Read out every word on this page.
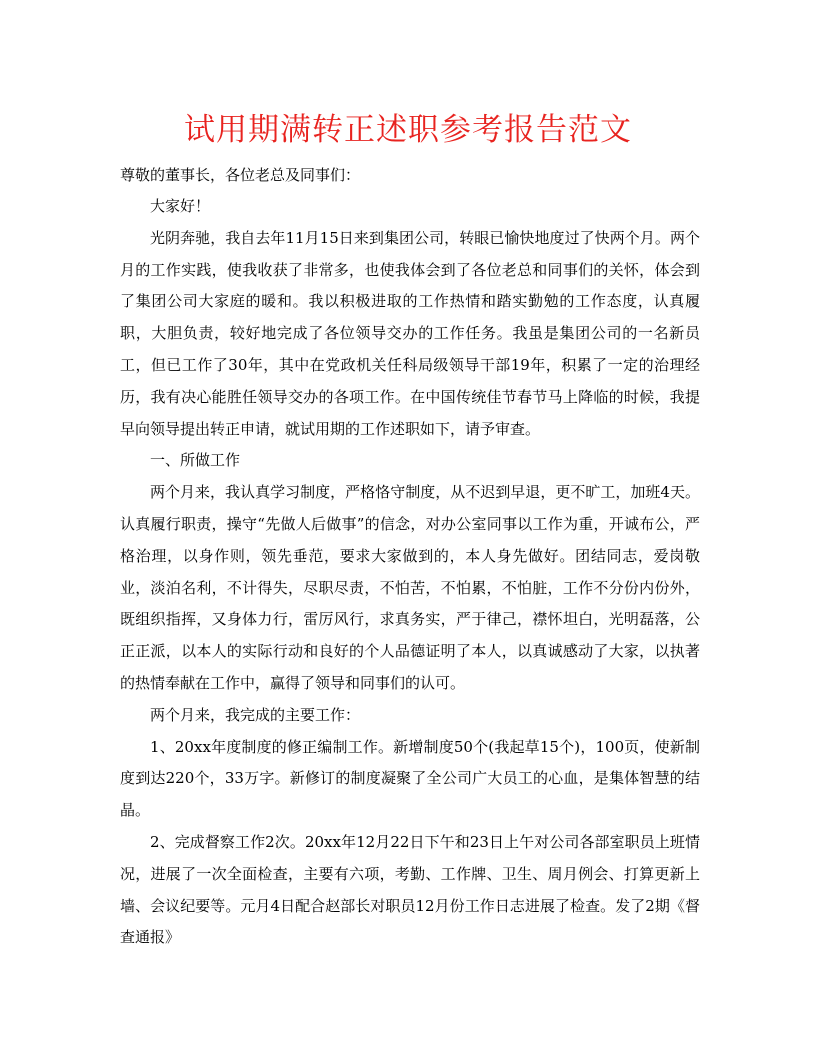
试用期满转正述职参考报告范文

尊敬的董事长，各位老总及同事们：

大家好！

光阴奔驰，我自去年11月15日来到集团公司，转眼已愉快地度过了快两个月。两个月的工作实践，使我收获了非常多，也使我体会到了各位老总和同事们的关怀，体会到了集团公司大家庭的暖和。我以积极进取的工作热情和踏实勤勉的工作态度，认真履职，大胆负责，较好地完成了各位领导交办的工作任务。我虽是集团公司的一名新员工，但已工作了30年，其中在党政机关任科局级领导干部19年，积累了一定的治理经历，我有决心能胜任领导交办的各项工作。在中国传统佳节春节马上降临的时候，我提早向领导提出转正申请，就试用期的工作述职如下，请予审查。

一、所做工作

两个月来，我认真学习制度，严格恪守制度，从不迟到早退，更不旷工，加班4天。认真履行职责，操守“先做人后做事”的信念，对办公室同事以工作为重，开诚布公，严格治理，以身作则，领先垂范，要求大家做到的，本人身先做好。团结同志，爱岗敬业，淡泊名利，不计得失，尽职尽责，不怕苦，不怕累，不怕脏，工作不分份内份外，既组织指挥，又身体力行，雷厉风行，求真务实，严于律己，襟怀坦白，光明磊落，公正正派，以本人的实际行动和良好的个人品德证明了本人，以真诚感动了大家，以执著的热情奉献在工作中，赢得了领导和同事们的认可。

两个月来，我完成的主要工作：

1、20xx年度制度的修正编制工作。新增制度50个(我起草15个)，100页，使新制度到达220个，33万字。新修订的制度凝聚了全公司广大员工的心血，是集体智慧的结晶。

2、完成督察工作2次。20xx年12月22日下午和23日上午对公司各部室职员上班情况，进展了一次全面检查，主要有六项，考勤、工作牌、卫生、周月例会、打算更新上墙、会议纪要等。元月4日配合赵部长对职员12月份工作日志进展了检查。发了2期《督查通报》
